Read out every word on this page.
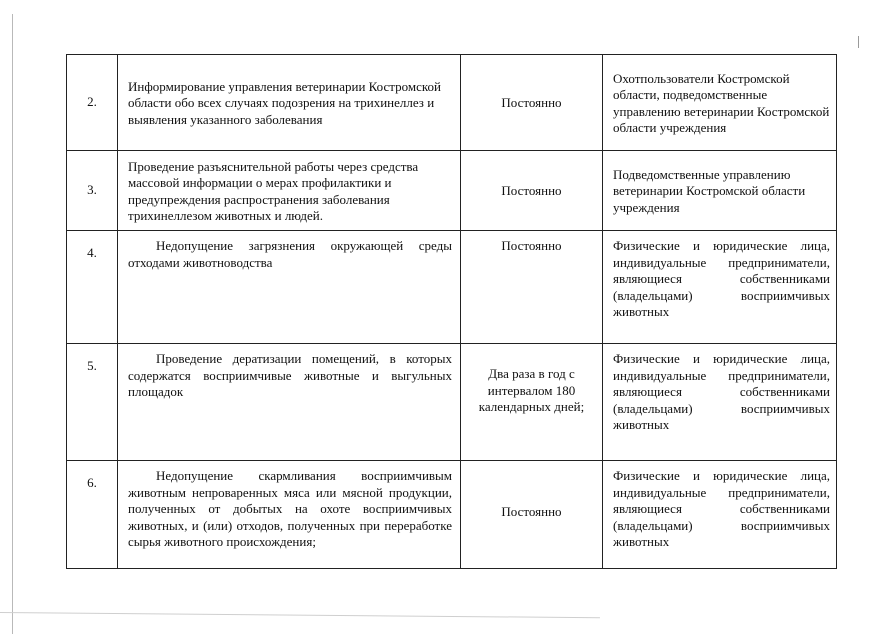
2.	Информирование управления ветеринарии Костромской области обо всех случаях подозрения на трихинеллез и выявления указанного заболевания	Постоянно	Охотпользователи Костромской области, подведомственные управлению ветеринарии Костромской области учреждения
3.	Проведение разъяснительной работы через средства массовой информации о мерах профилактики и предупреждения распространения заболевания трихинеллезом животных и людей.	Постоянно	Подведомственные управлению ветеринарии Костромской области учреждения
4.	Недопущение загрязнения окружающей среды отходами животноводства	Постоянно	Физические и юридические лица, индивидуальные предприниматели, являющиеся собственниками (владельцами) восприимчивых животных
5.	Проведение дератизации помещений, в которых содержатся восприимчивые животные и выгульных площадок	Два раза в год с интервалом 180 календарных дней;	Физические и юридические лица, индивидуальные предприниматели, являющиеся собственниками (владельцами) восприимчивых животных
6.	Недопущение скармливания восприимчивым животным непроваренных мяса или мясной продукции, полученных от добытых на охоте восприимчивых животных, и (или) отходов, полученных при переработке сырья животного происхождения;	Постоянно	Физические и юридические лица, индивидуальные предприниматели, являющиеся собственниками (владельцами) восприимчивых животных
